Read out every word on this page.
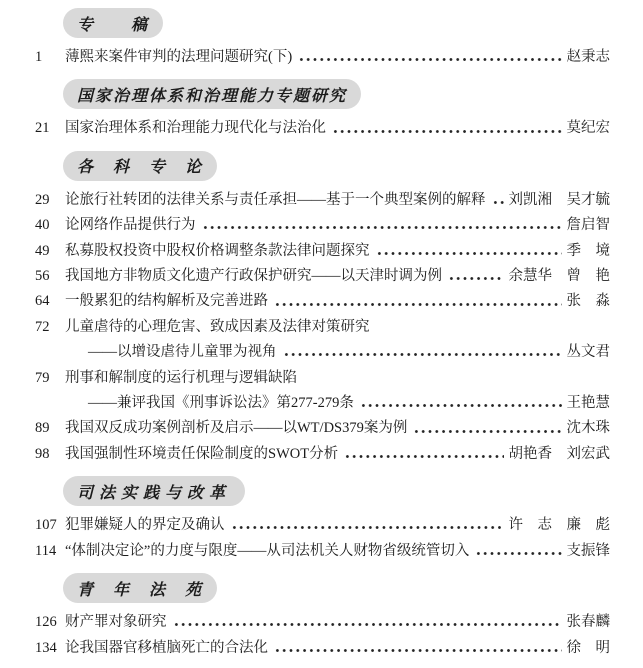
专　　稿
1	薄熙来案件审判的法理问题研究(下)	赵秉志
国家治理体系和治理能力专题研究
21	国家治理体系和治理能力现代化与法治化	莫纪宏
各　科　专　论
29	论旅行社转团的法律关系与责任承担——基于一个典型案例的解释 刘凯湘　吴才毓
40	论网络作品提供行为	詹启智
49	私募股权投资中股权价格调整条款法律问题探究	季　境
56	我国地方非物质文化遗产行政保护研究——以天津时调为例	余慧华　曾　艳
64	一般累犯的结构解析及完善进路	张　淼
72	儿童虐待的心理危害、致成因素及法律对策研究
——以增设虐待儿童罪为视角	丛文君
79	刑事和解制度的运行机理与逻辑缺陷
——兼评我国《刑事诉讼法》第277-279条	王艳慧
89	我国双反成功案例剖析及启示——以WT/DS379案为例	沈木珠
98	我国强制性环境责任保险制度的SWOT分析	胡艳香　刘宏武
司法实践与改革
107 犯罪嫌疑人的界定及确认	许　志　廉　彪
114 “体制决定论”的力度与限度——从司法机关人财物省级统管切入	支振锋
青　年　法　苑
126 财产罪对象研究	张春麟
134 论我国器官移植脑死亡的合法化	徐　明
